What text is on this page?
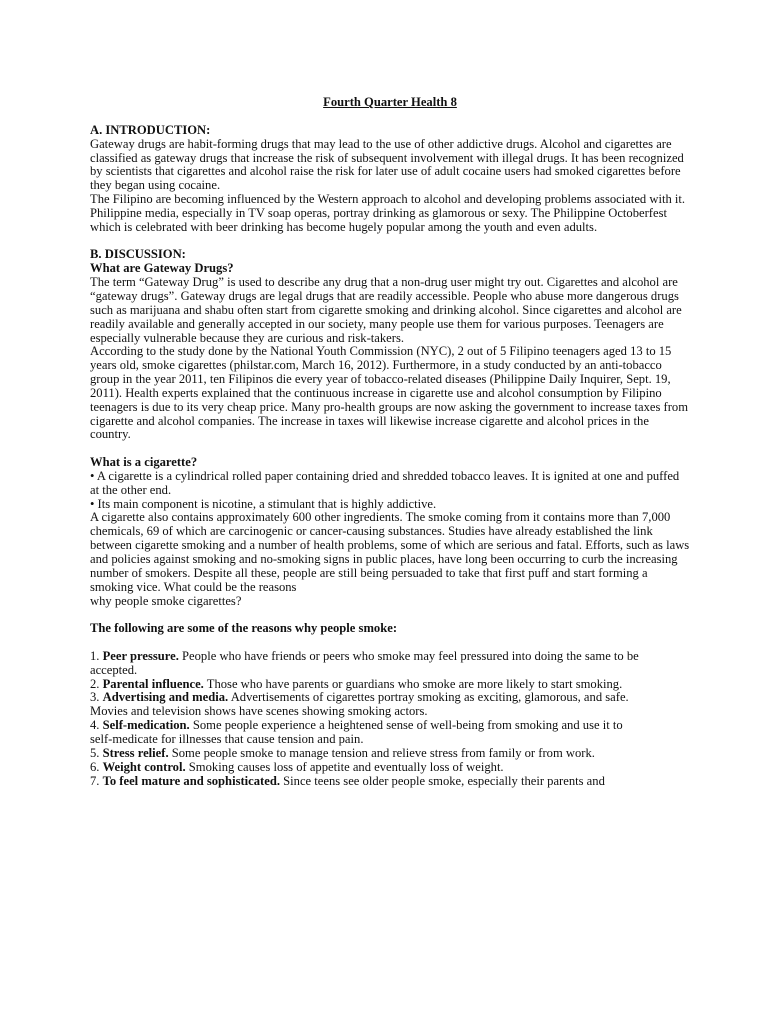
Fourth Quarter Health 8

A. INTRODUCTION:

Gateway drugs are habit-forming drugs that may lead to the use of other addictive drugs. Alcohol and cigarettes are classified as gateway drugs that increase the risk of subsequent involvement with illegal drugs. It has been recognized by scientists that cigarettes and alcohol raise the risk for later use of adult cocaine users had smoked cigarettes before they began using cocaine.

The Filipino are becoming influenced by the Western approach to alcohol and developing problems associated with it. Philippine media, especially in TV soap operas, portray drinking as glamorous or sexy. The Philippine Octoberfest which is celebrated with beer drinking has become hugely popular among the youth and even adults.

B. DISCUSSION:

What are Gateway Drugs?

The term “Gateway Drug” is used to describe any drug that a non-drug user might try out. Cigarettes and alcohol are “gateway drugs”. Gateway drugs are legal drugs that are readily accessible. People who abuse more dangerous drugs such as marijuana and shabu often start from cigarette smoking and drinking alcohol. Since cigarettes and alcohol are readily available and generally accepted in our society, many people use them for various purposes. Teenagers are especially vulnerable because they are curious and risk-takers.

According to the study done by the National Youth Commission (NYC), 2 out of 5 Filipino teenagers aged 13 to 15 years old, smoke cigarettes (philstar.com, March 16, 2012). Furthermore, in a study conducted by an anti-tobacco group in the year 2011, ten Filipinos die every year of tobacco-related diseases (Philippine Daily Inquirer, Sept. 19, 2011). Health experts explained that the continuous increase in cigarette use and alcohol consumption by Filipino teenagers is due to its very cheap price. Many pro-health groups are now asking the government to increase taxes from cigarette and alcohol companies. The increase in taxes will likewise increase cigarette and alcohol prices in the country.

What is a cigarette?

• A cigarette is a cylindrical rolled paper containing dried and shredded tobacco leaves. It is ignited at one and puffed at the other end.

• Its main component is nicotine, a stimulant that is highly addictive.

A cigarette also contains approximately 600 other ingredients. The smoke coming from it contains more than 7,000 chemicals, 69 of which are carcinogenic or cancer-causing substances. Studies have already established the link between cigarette smoking and a number of health problems, some of which are serious and fatal. Efforts, such as laws and policies against smoking and no-smoking signs in public places, have long been occurring to curb the increasing number of smokers. Despite all these, people are still being persuaded to take that first puff and start forming a smoking vice. What could be the reasons

why people smoke cigarettes?

The following are some of the reasons why people smoke:

1. Peer pressure. People who have friends or peers who smoke may feel pressured into doing the same to be

accepted.

2. Parental influence. Those who have parents or guardians who smoke are more likely to start smoking.

3. Advertising and media. Advertisements of cigarettes portray smoking as exciting, glamorous, and safe.

Movies and television shows have scenes showing smoking actors.

4. Self-medication. Some people experience a heightened sense of well-being from smoking and use it to

self-medicate for illnesses that cause tension and pain.

5. Stress relief. Some people smoke to manage tension and relieve stress from family or from work.

6. Weight control. Smoking causes loss of appetite and eventually loss of weight.

7. To feel mature and sophisticated. Since teens see older people smoke, especially their parents and
